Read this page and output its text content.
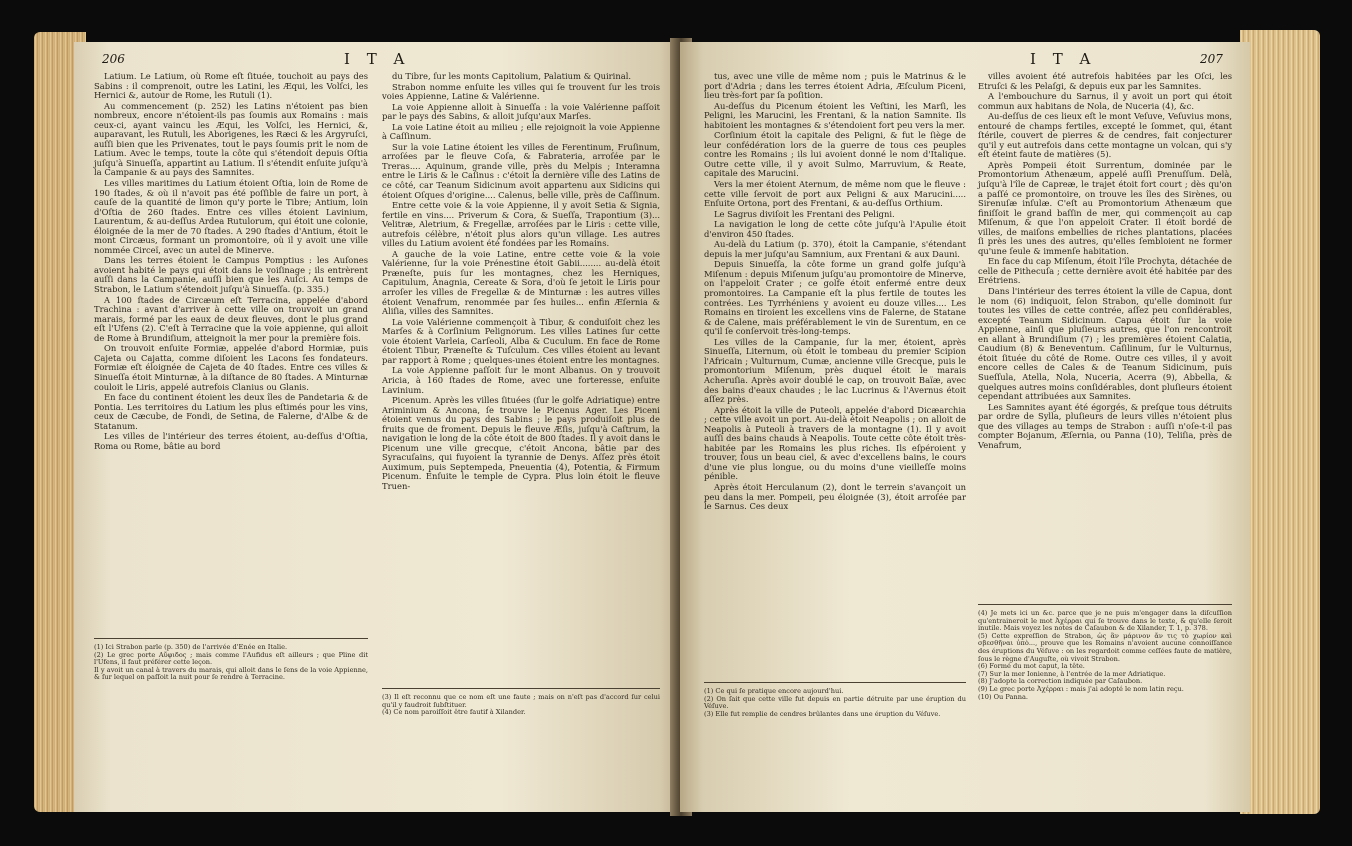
206	I T A

Latium. Le Latium, où Rome eſt ſituée, touchoit au pays des Sabins : il comprenoit, outre les Latini, les Æqui, les Volſci, les Hernici &, autour de Rome, les Rutuli (1).

Au commencement (p. 252) les Latins n'étoient pas bien nombreux, encore n'étoient-ils pas ſoumis aux Romains : mais ceux-ci, ayant vaincu les Æqui, les Volſci, les Hernici, &, auparavant, les Rutuli, les Aborigenes, les Ræci & les Argyruſci, auſſi bien que les Privenates, tout le pays ſoumis prit le nom de Latium. Avec le temps, toute la côte qui s'étendoit depuis Oſtia juſqu'à Sinueſſa, appartint au Latium. Il s'étendit enſuite juſqu'à la Campanie & au pays des Samnites.

Les villes maritimes du Latium étoient Oſtia, loin de Rome de 190 ſtades, & où il n'avoit pas été poſſible de faire un port, à cauſe de la quantité de limon qu'y porte le Tibre; Antium, loin d'Oſtia de 260 ſtades. Entre ces villes étoient Lavinium, Laurentum, & au-deſſus Ardea Rutulorum, qui étoit une colonie, éloignée de la mer de 70 ſtades. A 290 ſtades d'Antium, étoit le mont Circæus, formant un promontoire, où il y avoit une ville nommée Circeï, avec un autel de Minerve.

Dans les terres étoient le Campus Pomptius : les Auſones avoient habité le pays qui étoit dans le voiſinage ; ils entrèrent auſſi dans la Campanie, auſſi bien que les Auſci. Au temps de Strabon, le Latium s'étendoit juſqu'à Sinueſſa. (p. 335.)

A 100 ſtades de Circæum eſt Terracina, appelée d'abord Trachina : avant d'arriver à cette ville on trouvoit un grand marais, formé par les eaux de deux fleuves, dont le plus grand eſt l'Ufens (2). C'eſt à Terracine que la voie appienne, qui alloit de Rome à Brundiſium, atteignoit la mer pour la première fois.

On trouvoit enſuite Formiæ, appelée d'abord Hormiæ, puis Cajeta ou Cajatta, comme diſoient les Lacons ſes fondateurs. Formiæ eſt éloignée de Cajeta de 40 ſtades. Entre ces villes & Sinueſſa étoit Minturnæ, à la diſtance de 80 ſtades. A Minturnæ couloit le Liris, appelé autrefois Clanius ou Glanis.

En face du continent étoient les deux îles de Pandetaria & de Pontia. Les territoires du Latium les plus eſtimés pour les vins, ceux de Cæcube, de Fondi, de Setina, de Falerne, d'Albe & de Statanum.

Les villes de l'intérieur des terres étoient, au-deſſus d'Oſtia, Roma ou Rome, bâtie au bord

(1) Ici Strabon parle (p. 350) de l'arrivée d'Enée en Italie.

(2) Le grec porte Αὔφιδος ; mais comme l'Aufidus eſt ailleurs ; que Pline dit l'Ufens, il faut préférer cette leçon.

Il y avoit un canal à travers du marais, qui alloit dans le ſens de la voie Appienne, & ſur lequel on paſſoit la nuit pour ſe rendre à Terracine.

du Tibre, ſur les monts Capitolium, Palatium & Quirinal.

Strabon nomme enſuite les villes qui ſe trouvent ſur les trois voies Appienne, Latine & Valérienne.

La voie Appienne alloit à Sinueſſa : la voie Valérienne paſſoit par le pays des Sabins, & alloit juſqu'aux Marſes.

La voie Latine étoit au milieu ; elle rejoignoit la voie Appienne à Caſſinum.

Sur la voie Latine étoient les villes de Ferentinum, Fruſinum, arroſées par le fleuve Coſa, & Fabrateria, arroſée par le Treras.... Aquinum, grande ville, près du Melpis ; Interamna entre le Liris & le Caſinus : c'étoit la dernière ville des Latins de ce côté, car Teanum Sidicinum avoit appartenu aux Sidicins qui étoient Oſques d'origine.... Calenus, belle ville, près de Caſſinum.

Entre cette voie & la voie Appienne, il y avoit Setia & Signia, fertile en vins.... Priverum & Cora, & Sueſſa, Trapontium (3)... Velitræ, Aletrium, & Fregellæ, arroſées par le Liris : cette ville, autrefois célèbre, n'étoit plus alors qu'un village. Les autres villes du Latium avoient été fondées par les Romains.

A gauche de la voie Latine, entre cette voie & la voie Valérienne, ſur la voie Prénestine étoit Gabii........ au-delà étoit Præneſte, puis ſur les montagnes, chez les Herniques, Capitulum, Anagnia, Cereate & Sora, d'où ſe jetoit le Liris pour arroſer les villes de Fregellæ & de Minturnæ : les autres villes étoient Venafrum, renommée par ſes huiles... enfin Æſernia & Aliſia, villes des Samnites.

La voie Valérienne commençoit à Tibur, & conduiſoit chez les Marſes & à Corſinium Pelignorum. Les villes Latines ſur cette voie étoient Varleia, Carſeoli, Alba & Cuculum. En face de Rome étoient Tibur, Præneſte & Tuſculum. Ces villes étoient au levant par rapport à Rome ; quelques-unes étoient entre les montagnes.

La voie Appienne paſſoit ſur le mont Albanus. On y trouvoit Aricia, à 160 ſtades de Rome, avec une forteresse, enſuite Lavinium.

Picenum. Après les villes ſituées (ſur le golfe Adriatique) entre Ariminium & Ancona, ſe trouve le Picenus Ager. Les Piceni étoient venus du pays des Sabins ; le pays produiſoit plus de fruits que de froment. Depuis le fleuve Æſis, juſqu'à Caſtrum, la navigation le long de la côte étoit de 800 ſtades. Il y avoit dans le Picenum une ville grecque, c'étoit Ancona, bâtie par des Syracuſains, qui fuyoient la tyrannie de Denys. Aſſez près étoit Auximum, puis Septempeda, Pneuentia (4), Potentia, & Firmum Picenum. Enſuite le temple de Cypra. Plus loin étoit le fleuve Truen-

(3) Il eſt reconnu que ce nom eſt une faute ; mais on n'eſt pas d'accord ſur celui qu'il y faudroit ſubſtituer.

(4) Ce nom paroiſſoit être fautif à Xilander.

I T A	207

tus, avec une ville de même nom ; puis le Matrinus & le port d'Adria ; dans les terres étoient Adria, Æſculum Piceni, lieu très-fort par ſa poſition.

Au-deſſus du Picenum étoient les Veſtini, les Marſi, les Peligni, les Marucini, les Frentani, & la nation Samnite. Ils habitoient les montagnes & s'étendoient fort peu vers la mer.

Corſinium étoit la capitale des Peligni, & fut le ſiège de leur confédération lors de la guerre de tous ces peuples contre les Romains ; ils lui avoient donné le nom d'Italique. Outre cette ville, il y avoit Sulmo, Marruvium, & Reate, capitale des Marucini.

Vers la mer étoient Aternum, de même nom que le fleuve : cette ville ſervoit de port aux Peligni & aux Marucini..... Enſuite Ortona, port des Frentani, & au-deſſus Orthium.

Le Sagrus diviſoit les Frentani des Peligni.

La navigation le long de cette côte juſqu'à l'Apulie étoit d'environ 450 ſtades.

Au-delà du Latium (p. 370), étoit la Campanie, s'étendant depuis la mer juſqu'au Samnium, aux Frentani & aux Dauni.

Depuis Sinueſſa, la côte forme un grand golfe juſqu'à Miſenum : depuis Miſenum juſqu'au promontoire de Minerve, on l'appeloit Crater ; ce golfe étoit enfermé entre deux promontoires. La Campanie eſt la plus fertile de toutes les contrées. Les Tyrrhéniens y avoient eu douze villes.... Les Romains en tiroient les excellens vins de Falerne, de Statane & de Calene, mais préférablement le vin de Surentum, en ce qu'il ſe conſervoit très-long-temps.

Les villes de la Campanie, ſur la mer, étoient, après Sinueſſa, Liternum, où étoit le tombeau du premier Scipion l'Africain ; Vulturnum, Cumæ, ancienne ville Grecque, puis le promontorium Miſenum, près duquel étoit le marais Acheruſia. Après avoir doublé le cap, on trouvoit Baïæ, avec des bains d'eaux chaudes ; le lac Lucrinus & l'Avernus étoit aſſez près.

Après étoit la ville de Puteoli, appelée d'abord Dicæarchia ; cette ville avoit un port. Au-delà étoit Neapolis ; on alloit de Neapolis à Puteoli à travers de la montagne (1). Il y avoit auſſi des bains chauds à Neapolis. Toute cette côte étoit très-habitée par les Romains les plus riches. Ils eſpéroient y trouver, ſous un beau ciel, & avec d'excellens bains, le cours d'une vie plus longue, ou du moins d'une vieilleſſe moins pénible.

Après étoit Herculanum (2), dont le terrein s'avançoit un peu dans la mer. Pompeii, peu éloignée (3), étoit arroſée par le Sarnus. Ces deux

(1) Ce qui ſe pratique encore aujourd'hui.

(2) On ſait que cette ville fut depuis en partie détruite par une éruption du Véſuve.

(3) Elle fut remplie de cendres brûlantes dans une éruption du Véſuve.

villes avoient été autrefois habitées par les Oſci, les Etruſci & les Pelaſgi, & depuis eux par les Samnites.

A l'embouchure du Sarnus, il y avoit un port qui étoit commun aux habitans de Nola, de Nuceria (4), &c.

Au-deſſus de ces lieux eſt le mont Veſuve, Veſuvius mons, entouré de champs fertiles, excepté le ſommet, qui, étant ſtérile, couvert de pierres & de cendres, fait conjecturer qu'il y eut autrefois dans cette montagne un volcan, qui s'y eſt éteint faute de matières (5).

Après Pompeii étoit Surrentum, dominée par le Promontorium Athenæum, appelé auſſi Prenuſſum. Delà, juſqu'à l'île de Capreæ, le trajet étoit fort court ; dès qu'on a paſſé ce promontoire, on trouve les îles des Sirènes, ou Sirenuſæ inſulæ. C'eſt au Promontorium Athenæum que finiſſoit le grand baſſin de mer, qui commençoit au cap Miſenum, & que l'on appeloit Crater. Il étoit bordé de villes, de maiſons embellies de riches plantations, placées ſi près les unes des autres, qu'elles ſembloient ne former qu'une ſeule & immenſe habitation.

En face du cap Miſenum, étoit l'île Prochyta, détachée de celle de Pithecuſa ; cette dernière avoit été habitée par des Erétriens.

Dans l'intérieur des terres étoient la ville de Capua, dont le nom (6) indiquoit, ſelon Strabon, qu'elle dominoit ſur toutes les villes de cette contrée, aſſez peu conſidérables, excepté Teanum Sidicinum. Capua étoit ſur la voie Appienne, ainſi que pluſieurs autres, que l'on rencontroit en allant à Brundiſium (7) ; les premières étoient Calatia, Caudium (8) & Beneventum. Caſilinum, ſur le Vulturnus, étoit ſituée du côté de Rome. Outre ces villes, il y avoit encore celles de Cales & de Teanum Sidicinum, puis Sueſſula, Atella, Nola, Nuceria, Acerra (9), Abbella, & quelques autres moins conſidérables, dont pluſieurs étoient cependant attribuées aux Samnites.

Les Samnites ayant été égorgés, & preſque tous détruits par ordre de Sylla, pluſieurs de leurs villes n'étoient plus que des villages au temps de Strabon : auſſi n'oſe-t-il pas compter Bojanum, Æſernia, ou Panna (10), Teliſia, près de Venafrum,

(4) Je mets ici un &c. parce que je ne puis m'engager dans la diſcuſſion qu'entraineroit le mot Ἀχέρραι qui ſe trouve dans le texte, & qu'elle ſeroit inutile. Mais voyez les notes de Caſaubon & de Xilander, T. 1, p. 378.

(5) Cette expreſſion de Strabon, ὡς ἂν μάρινον ἄν τις τὸ χωρίον καὶ σβεσθῆναι ὑπὸ..., prouve que les Romains n'avoient aucune connoiſſance des éruptions du Véſuve : on les regardoit comme ceſſées faute de matière, ſous le règne d'Auguſte, où vivoit Strabon.

(6) Formé du mot caput, la tête.

(7) Sur la mer Ionienne, à l'entrée de la mer Adriatique.

(8) J'adopte la correction indiquée par Caſaubon.

(9) Le grec porte Ἀχέρραι : mais j'ai adopté le nom latin reçu.

(10) Ou Panna.
